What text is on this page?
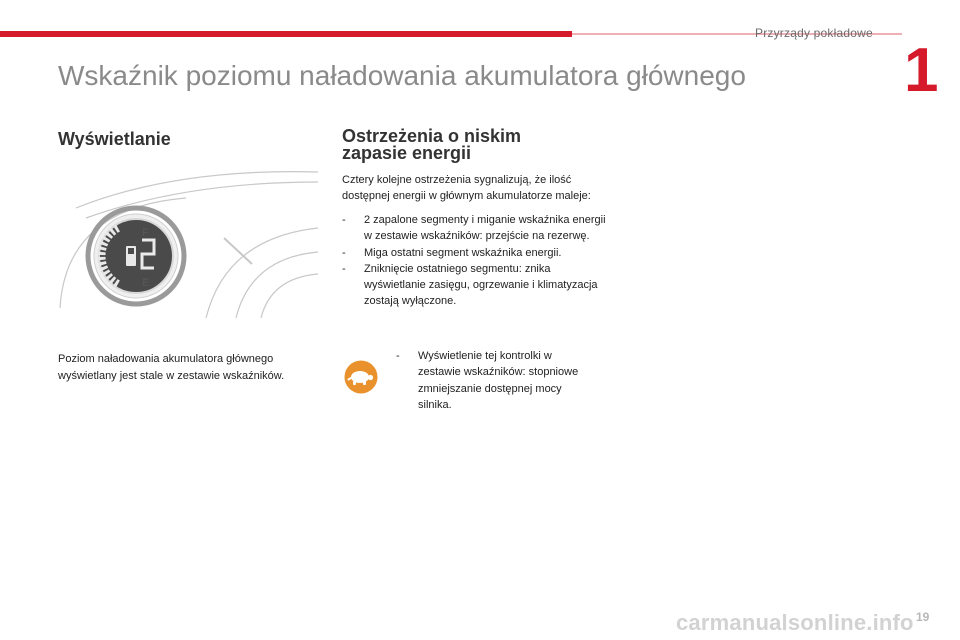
Przyrządy pokładowe
1
Wskaźnik poziomu naładowania akumulatora głównego
Wyświetlanie
F
E

Poziom naładowania akumulatora głównego wyświetlany jest stale w zestawie wskaźników.

Ostrzeżenia o niskim zapasie energii

Cztery kolejne ostrzeżenia sygnalizują, że ilość dostępnej energii w głównym akumulatorze maleje:

- 2 zapalone segmenty i miganie wskaźnika energii w zestawie wskaźników: przejście na rezerwę.
- Miga ostatni segment wskaźnika energii.
- Zniknięcie ostatniego segmentu: znika wyświetlanie zasięgu, ogrzewanie i klimatyzacja zostają wyłączone.
-	Wyświetlenie tej kontrolki w zestawie wskaźników: stopniowe zmniejszanie dostępnej mocy silnika.
carmanualsonline.info 19
